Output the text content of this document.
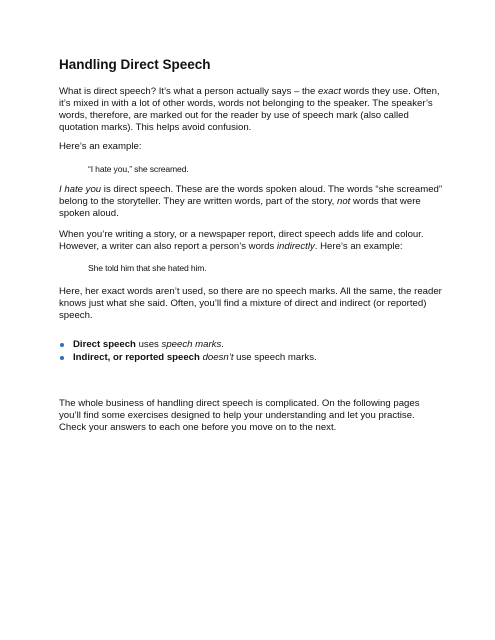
Handling Direct Speech

What is direct speech? It’s what a person actually says – the exact words they use. Often, it’s mixed in with a lot of other words, words not belonging to the speaker. The speaker’s words, therefore, are marked out for the reader by use of speech mark (also called quotation marks). This helps avoid confusion.

Here’s an example:

“I hate you,” she screamed.

I hate you is direct speech. These are the words spoken aloud. The words “she screamed” belong to the storyteller. They are written words, part of the story, not words that were spoken aloud.

When you’re writing a story, or a newspaper report, direct speech adds life and colour. However, a writer can also report a person’s words indirectly. Here’s an example:

She told him that she hated him.

Here, her exact words aren’t used, so there are no speech marks. All the same, the reader knows just what she said. Often, you’ll find a mixture of direct and indirect (or reported) speech.

Direct speech uses speech marks.
Indirect, or reported speech doesn’t use speech marks.

The whole business of handling direct speech is complicated. On the following pages you’ll find some exercises designed to help your understanding and let you practise. Check your answers to each one before you move on to the next.
